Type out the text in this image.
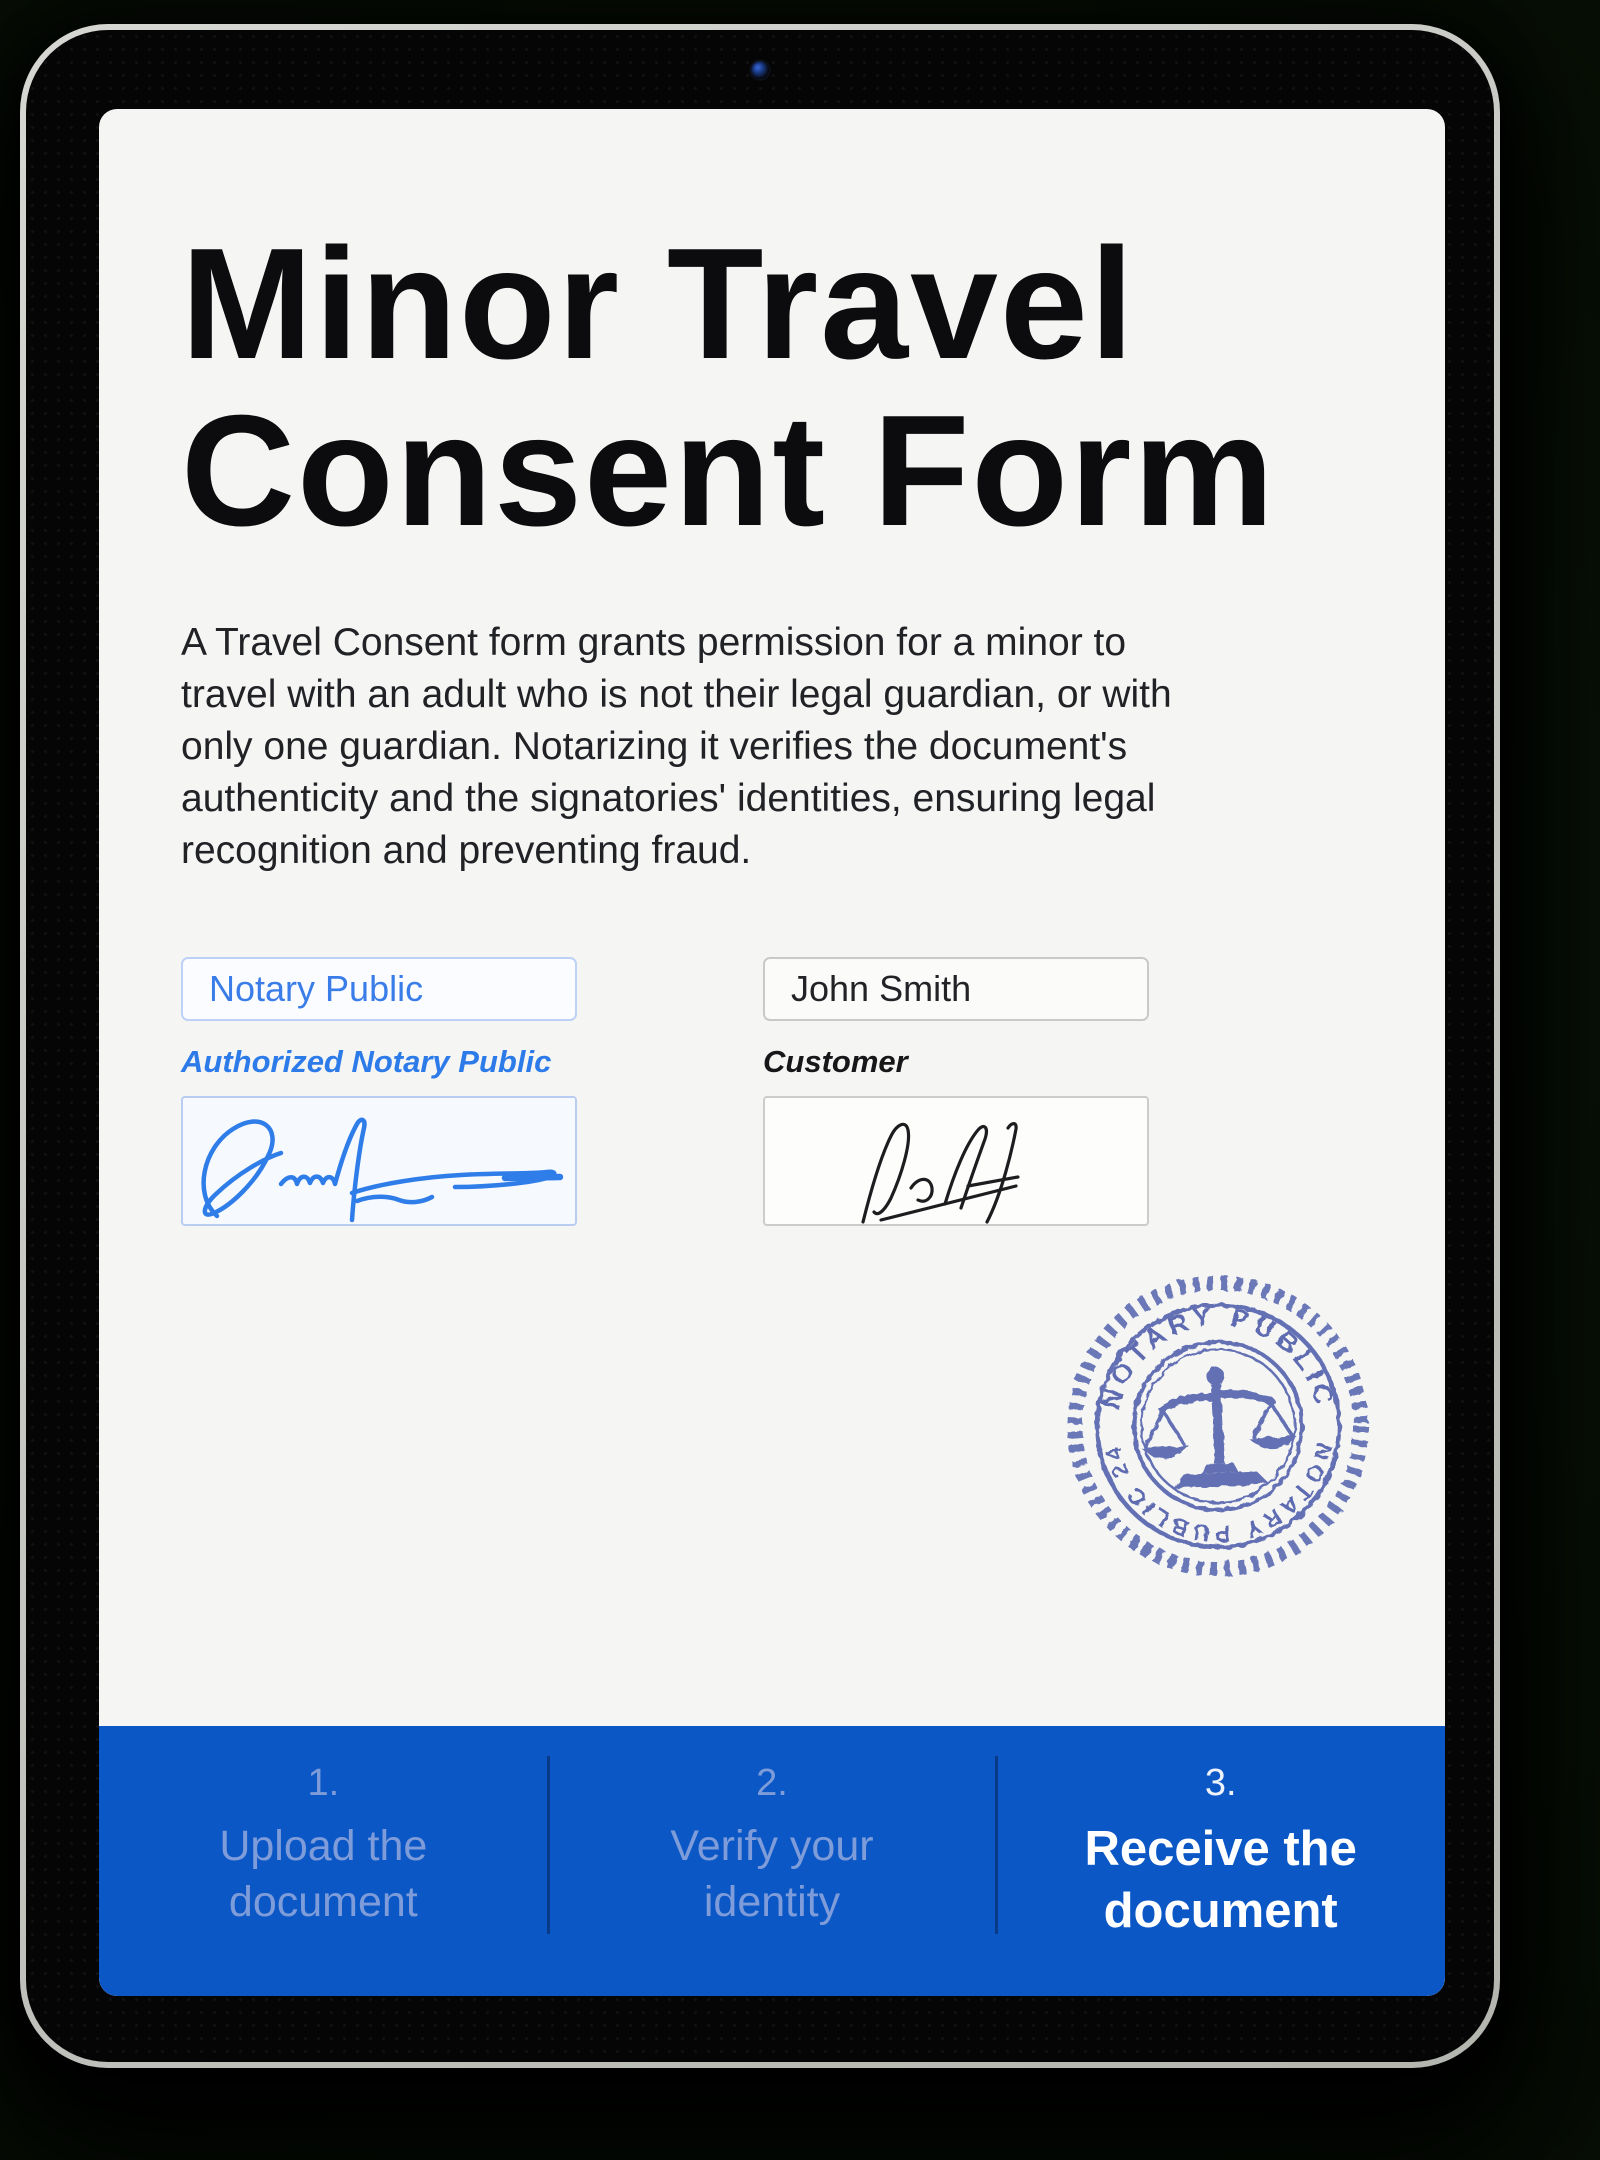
Minor Travel
Consent Form

A Travel Consent form grants permission for a minor to travel with an adult who is not their legal guardian, or with only one guardian. Notarizing it verifies the document's authenticity and the signatories' identities, ensuring legal recognition and preventing fraud.

Notary Public
Authorized Notary Public
John Smith
Customer
NOTARY PUBLIC
NOTARY PUBLIC 24
1.
Upload the document
2.
Verify your identity
3.
Receive the document
